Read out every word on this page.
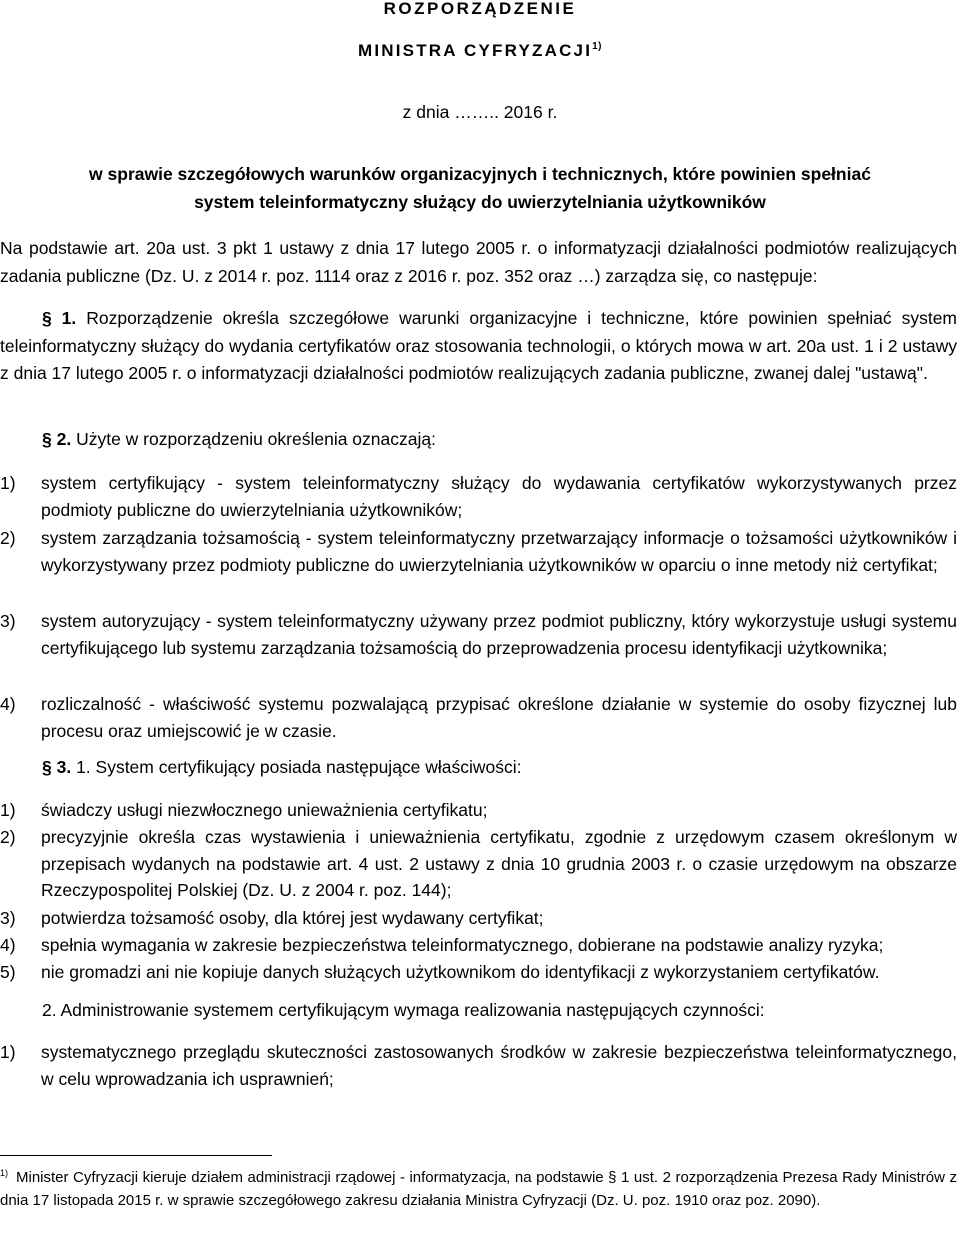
ROZPORZĄDZENIE
MINISTRA CYFRYZACJI$^{1)}$
z dnia …….. 2016 r.
w sprawie szczegółowych warunków organizacyjnych i technicznych, które powinien spełniać system teleinformatyczny służący do uwierzytelniania użytkowników
Na podstawie art. 20a ust. 3 pkt 1 ustawy z dnia 17 lutego 2005 r. o informatyzacji działalności podmiotów realizujących zadania publiczne (Dz. U. z 2014 r. poz. 1114 oraz z 2016 r. poz. 352 oraz …) zarządza się, co następuje:
§ 1. Rozporządzenie określa szczegółowe warunki organizacyjne i techniczne, które powinien spełniać system teleinformatyczny służący do wydania certyfikatów oraz stosowania technologii, o których mowa w art. 20a ust. 1 i 2 ustawy z dnia 17 lutego 2005 r. o informatyzacji działalności podmiotów realizujących zadania publiczne, zwanej dalej "ustawą".
§ 2. Użyte w rozporządzeniu określenia oznaczają:
1)	system certyfikujący - system teleinformatyczny służący do wydawania certyfikatów wykorzystywanych przez podmioty publiczne do uwierzytelniania użytkowników;
2)	system zarządzania tożsamością - system teleinformatyczny przetwarzający informacje o tożsamości użytkowników i wykorzystywany przez podmioty publiczne do uwierzytelniania użytkowników w oparciu o inne metody niż certyfikat;
3)	system autoryzujący - system teleinformatyczny używany przez podmiot publiczny, który wykorzystuje usługi systemu certyfikującego lub systemu zarządzania tożsamością do przeprowadzenia procesu identyfikacji użytkownika;
4)	rozliczalność - właściwość systemu pozwalającą przypisać określone działanie w systemie do osoby fizycznej lub procesu oraz umiejscowić je w czasie.
§ 3. 1. System certyfikujący posiada następujące właściwości:
1)	świadczy usługi niezwłocznego unieważnienia certyfikatu;
2)	precyzyjnie określa czas wystawienia i unieważnienia certyfikatu, zgodnie z urzędowym czasem określonym w przepisach wydanych na podstawie art. 4 ust. 2 ustawy z dnia 10 grudnia 2003 r. o czasie urzędowym na obszarze Rzeczypospolitej Polskiej (Dz. U. z 2004 r. poz. 144);
3)	potwierdza tożsamość osoby, dla której jest wydawany certyfikat;
4)	spełnia wymagania w zakresie bezpieczeństwa teleinformatycznego, dobierane na podstawie analizy ryzyka;
5)	nie gromadzi ani nie kopiuje danych służących użytkownikom do identyfikacji z wykorzystaniem certyfikatów.
2. Administrowanie systemem certyfikującym wymaga realizowania następujących czynności:
1)	systematycznego przeglądu skuteczności zastosowanych środków w zakresie bezpieczeństwa teleinformatycznego, w celu wprowadzania ich usprawnień;
$^{1)}$ Minister Cyfryzacji kieruje działem administracji rządowej - informatyzacja, na podstawie § 1 ust. 2 rozporządzenia Prezesa Rady Ministrów z dnia 17 listopada 2015 r. w sprawie szczegółowego zakresu działania Ministra Cyfryzacji (Dz. U. poz. 1910 oraz poz. 2090).
